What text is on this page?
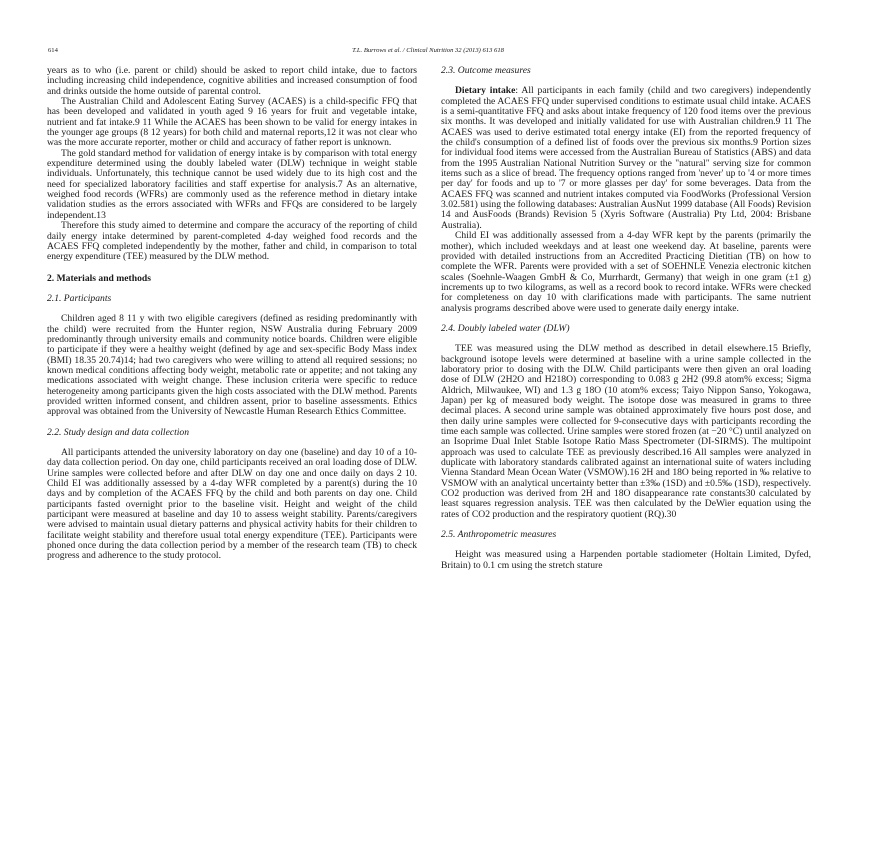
614	T.L. Burrows et al. / Clinical Nutrition 32 (2013) 613 618

years as to who (i.e. parent or child) should be asked to report child intake, due to factors including increasing child independence, cognitive abilities and increased consumption of food and drinks outside the home outside of parental control.

The Australian Child and Adolescent Eating Survey (ACAES) is a child-specific FFQ that has been developed and validated in youth aged 9 16 years for fruit and vegetable intake, nutrient and fat intake.9 11 While the ACAES has been shown to be valid for energy intakes in the younger age groups (8 12 years) for both child and maternal reports,12 it was not clear who was the more accurate reporter, mother or child and accuracy of father report is unknown.

The gold standard method for validation of energy intake is by comparison with total energy expenditure determined using the doubly labeled water (DLW) technique in weight stable individuals. Unfortunately, this technique cannot be used widely due to its high cost and the need for specialized laboratory facilities and staff expertise for analysis.7 As an alternative, weighed food records (WFRs) are commonly used as the reference method in dietary intake validation studies as the errors associated with WFRs and FFQs are considered to be largely independent.13

Therefore this study aimed to determine and compare the accuracy of the reporting of child daily energy intake determined by parent-completed 4-day weighed food records and the ACAES FFQ completed independently by the mother, father and child, in comparison to total energy expenditure (TEE) measured by the DLW method.

2. Materials and methods
2.1. Participants

Children aged 8 11 y with two eligible caregivers (defined as residing predominantly with the child) were recruited from the Hunter region, NSW Australia during February 2009 predominantly through university emails and community notice boards. Children were eligible to participate if they were a healthy weight (defined by age and sex-specific Body Mass index (BMI) 18.35 20.74)14; had two caregivers who were willing to attend all required sessions; no known medical conditions affecting body weight, metabolic rate or appetite; and not taking any medications associated with weight change. These inclusion criteria were specific to reduce heterogeneity among participants given the high costs associated with the DLW method. Parents provided written informed consent, and children assent, prior to baseline assessments. Ethics approval was obtained from the University of Newcastle Human Research Ethics Committee.

2.2. Study design and data collection

All participants attended the university laboratory on day one (baseline) and day 10 of a 10-day data collection period. On day one, child participants received an oral loading dose of DLW. Urine samples were collected before and after DLW on day one and once daily on days 2 10. Child EI was additionally assessed by a 4-day WFR completed by a parent(s) during the 10 days and by completion of the ACAES FFQ by the child and both parents on day one. Child participants fasted overnight prior to the baseline visit. Height and weight of the child participant were measured at baseline and day 10 to assess weight stability. Parents/caregivers were advised to maintain usual dietary patterns and physical activity habits for their children to facilitate weight stability and therefore usual total energy expenditure (TEE). Participants were phoned once during the data collection period by a member of the research team (TB) to check progress and adherence to the study protocol.

2.3. Outcome measures

Dietary intake: All participants in each family (child and two caregivers) independently completed the ACAES FFQ under supervised conditions to estimate usual child intake. ACAES is a semi-quantitative FFQ and asks about intake frequency of 120 food items over the previous six months. It was developed and initially validated for use with Australian children.9 11 The ACAES was used to derive estimated total energy intake (EI) from the reported frequency of the child's consumption of a defined list of foods over the previous six months.9 Portion sizes for individual food items were accessed from the Australian Bureau of Statistics (ABS) and data from the 1995 Australian National Nutrition Survey or the "natural" serving size for common items such as a slice of bread. The frequency options ranged from 'never' up to '4 or more times per day' for foods and up to '7 or more glasses per day' for some beverages. Data from the ACAES FFQ was scanned and nutrient intakes computed via FoodWorks (Professional Version 3.02.581) using the following databases: Australian AusNut 1999 database (All Foods) Revision 14 and AusFoods (Brands) Revision 5 (Xyris Software (Australia) Pty Ltd, 2004: Brisbane Australia).

Child EI was additionally assessed from a 4-day WFR kept by the parents (primarily the mother), which included weekdays and at least one weekend day. At baseline, parents were provided with detailed instructions from an Accredited Practicing Dietitian (TB) on how to complete the WFR. Parents were provided with a set of SOEHNLE Venezia electronic kitchen scales (Soehnle-Waagen GmbH & Co, Murrhardt, Germany) that weigh in one gram (±1 g) increments up to two kilograms, as well as a record book to record intake. WFRs were checked for completeness on day 10 with clarifications made with participants. The same nutrient analysis programs described above were used to generate daily energy intake.

2.4. Doubly labeled water (DLW)

TEE was measured using the DLW method as described in detail elsewhere.15 Briefly, background isotope levels were determined at baseline with a urine sample collected in the laboratory prior to dosing with the DLW. Child participants were then given an oral loading dose of DLW (2H2O and H218O) corresponding to 0.083 g 2H2 (99.8 atom% excess; Sigma Aldrich, Milwaukee, WI) and 1.3 g 18O (10 atom% excess; Taiyo Nippon Sanso, Yokogawa, Japan) per kg of measured body weight. The isotope dose was measured in grams to three decimal places. A second urine sample was obtained approximately five hours post dose, and then daily urine samples were collected for 9-consecutive days with participants recording the time each sample was collected. Urine samples were stored frozen (at −20 °C) until analyzed on an Isoprime Dual Inlet Stable Isotope Ratio Mass Spectrometer (DI-SIRMS). The multipoint approach was used to calculate TEE as previously described.16 All samples were analyzed in duplicate with laboratory standards calibrated against an international suite of waters including Vienna Standard Mean Ocean Water (VSMOW).16 2H and 18O being reported in ‰ relative to VSMOW with an analytical uncertainty better than ±3‰ (1SD) and ±0.5‰ (1SD), respectively. CO2 production was derived from 2H and 18O disappearance rate constants30 calculated by least squares regression analysis. TEE was then calculated by the DeWier equation using the rates of CO2 production and the respiratory quotient (RQ).30

2.5. Anthropometric measures

Height was measured using a Harpenden portable stadiometer (Holtain Limited, Dyfed, Britain) to 0.1 cm using the stretch stature
